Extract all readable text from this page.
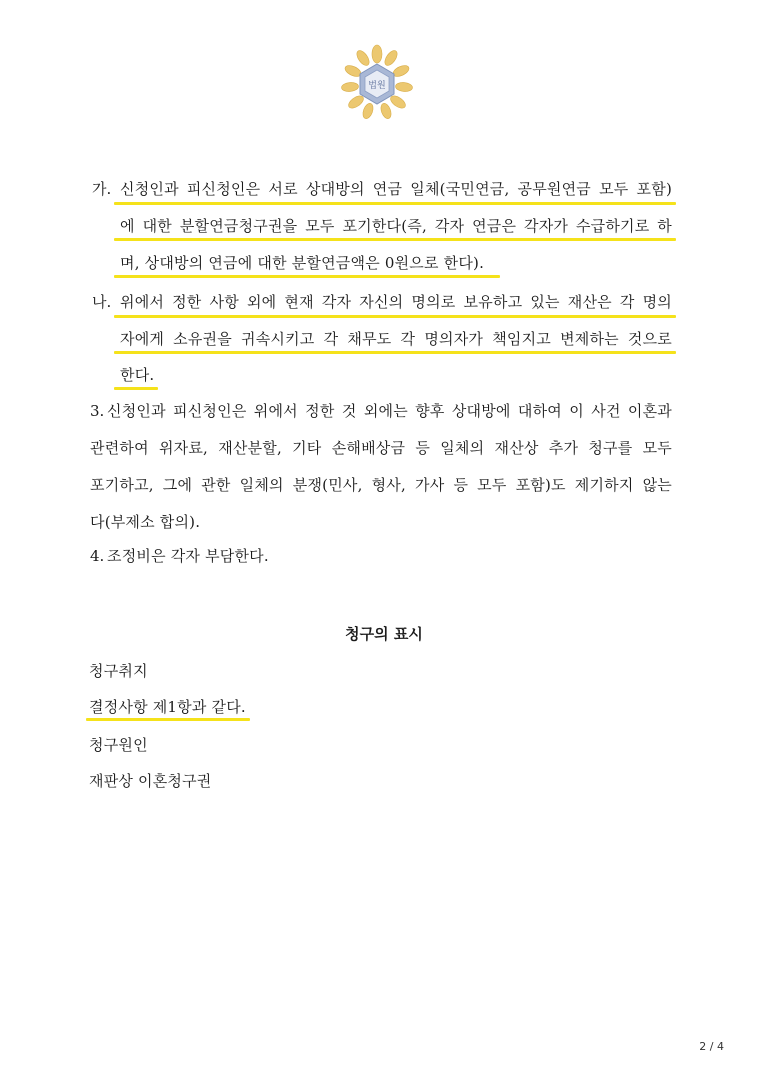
법원
가. 신청인과 피신청인은 서로 상대방의 연금 일체(국민연금, 공무원연금 모두 포함)
에 대한 분할연금청구권을 모두 포기한다(즉, 각자 연금은 각자가 수급하기로 하
며, 상대방의 연금에 대한 분할연금액은 0원으로 한다).
나. 위에서 정한 사항 외에 현재 각자 자신의 명의로 보유하고 있는 재산은 각 명의
자에게 소유권을 귀속시키고 각 채무도 각 명의자가 책임지고 변제하는 것으로
한다.
3. 신청인과 피신청인은 위에서 정한 것 외에는 향후 상대방에 대하여 이 사건 이혼과
관련하여 위자료, 재산분할, 기타 손해배상금 등 일체의 재산상 추가 청구를 모두
포기하고, 그에 관한 일체의 분쟁(민사, 형사, 가사 등 모두 포함)도 제기하지 않는
다(부제소 합의).
4. 조정비은 각자 부담한다.
청구의 표시
청구취지
결정사항 제1항과 같다.
청구원인
재판상 이혼청구권
2 / 4
